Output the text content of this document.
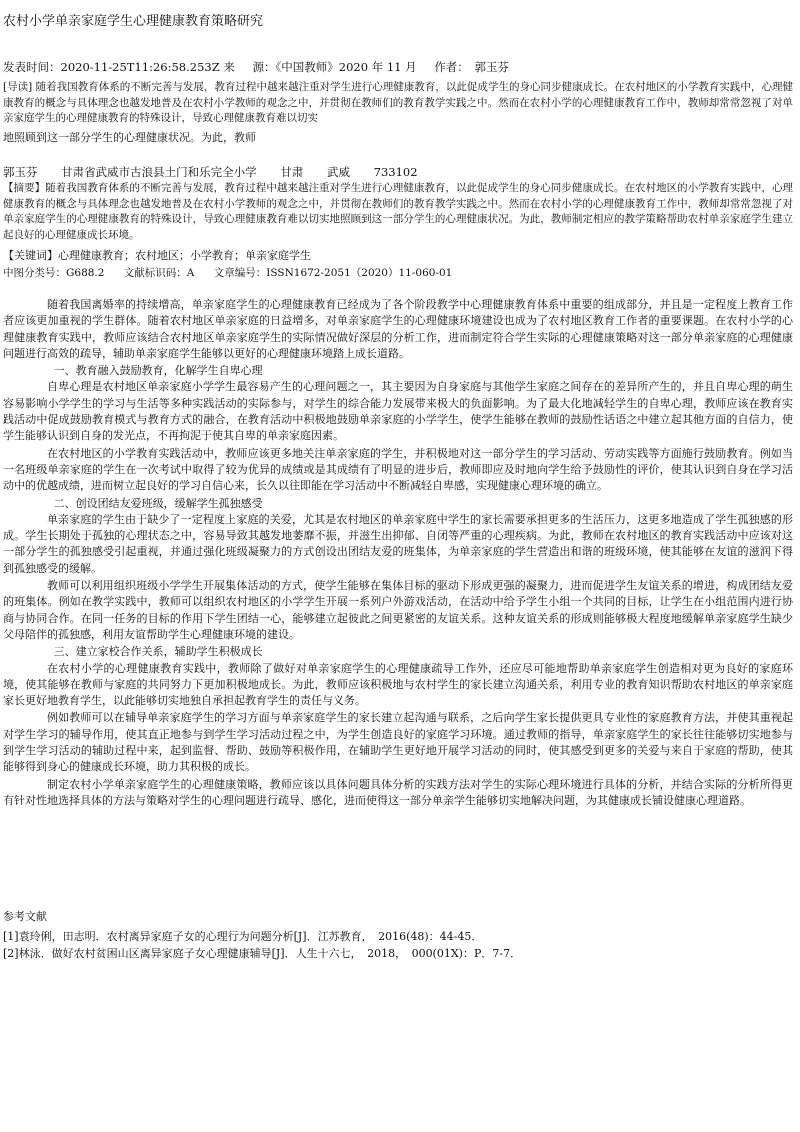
农村小学单亲家庭学生心理健康教育策略研究
发表时间：2020-11-25T11:26:58.253Z 来 源：《中国教师》2020 年 11 月 作者：　郭玉芬
[导读] 随着我国教育体系的不断完善与发展，教育过程中越来越注重对学生进行心理健康教育，以此促成学生的身心同步健康成长。在农村地区的小学教育实践中，心理健康教育的概念与具体理念也越发地普及在农村小学教师的观念之中，并贯彻在教师们的教育教学实践之中。然而在农村小学的心理健康教育工作中，教师却常常忽视了对单亲家庭学生的心理健康教育的特殊设计，导致心理健康教育难以切实
地照顾到这一部分学生的心理健康状况。为此，教师
郭玉芬 甘肃省武威市古浪县土门和乐完全小学 甘肃 武威 733102
【摘要】随着我国教育体系的不断完善与发展，教育过程中越来越注重对学生进行心理健康教育，以此促成学生的身心同步健康成长。在农村地区的小学教育实践中，心理健康教育的概念与具体理念也越发地普及在农村小学教师的观念之中，并贯彻在教师们的教育教学实践之中。然而在农村小学的心理健康教育工作中，教师却常常忽视了对单亲家庭学生的心理健康教育的特殊设计，导致心理健康教育难以切实地照顾到这一部分学生的心理健康状况。为此，教师制定相应的教学策略帮助农村单亲家庭学生建立起良好的心理健康成长环境。
【关键词】心理健康教育；农村地区；小学教育；单亲家庭学生
中图分类号：G688.2 文献标识码：A 文章编号：ISSN1672-2051（2020）11-060-01

随着我国离婚率的持续增高，单亲家庭学生的心理健康教育已经成为了各个阶段教学中心理健康教育体系中重要的组成部分，并且是一定程度上教育工作者应该更加重视的学生群体。随着农村地区单亲家庭的日益增多，对单亲家庭学生的心理健康环境建设也成为了农村地区教育工作者的重要课题。在农村小学的心理健康教育实践中，教师应该结合农村地区单亲家庭学生的实际情况做好深层的分析工作，进而制定符合学生实际的心理健康策略对这一部分单亲家庭的心理健康问题进行高效的疏导，辅助单亲家庭学生能够以更好的心理健康环境踏上成长道路。

一、教育融入鼓励教育，化解学生自卑心理

自卑心理是农村地区单亲家庭小学学生最容易产生的心理问题之一，其主要因为自身家庭与其他学生家庭之间存在的差异所产生的，并且自卑心理的萌生容易影响小学学生的学习与生活等多种实践活动的实际参与，对学生的综合能力发展带来极大的负面影响。为了最大化地减轻学生的自卑心理，教师应该在教育实践活动中促成鼓励教育模式与教育方式的融合，在教育活动中积极地鼓励单亲家庭的小学学生，使学生能够在教师的鼓励性话语之中建立起其他方面的自信力，使学生能够认识到自身的发光点，不再拘泥于使其自卑的单亲家庭因素。

在农村地区的小学教育实践活动中，教师应该更多地关注单亲家庭的学生，并积极地对这一部分学生的学习活动、劳动实践等方面施行鼓励教育。例如当一名班级单亲家庭的学生在一次考试中取得了较为优异的成绩或是其成绩有了明显的进步后，教师即应及时地向学生给予鼓励性的评价，使其认识到自身在学习活动中的优越成绩，进而树立起良好的学习自信心来，长久以往即能在学习活动中不断减轻自卑感，实现健康心理环境的确立。

二、创设团结友爱班级，缓解学生孤独感受

单亲家庭的学生由于缺少了一定程度上家庭的关爱，尤其是农村地区的单亲家庭中学生的家长需要承担更多的生活压力，这更多地造成了学生孤独感的形成。学生长期处于孤独的心理状态之中，容易导致其越发地萎靡不振，并滋生出抑郁、自闭等严重的心理疾病。为此，教师在农村地区的教育实践活动中应该对这一部分学生的孤独感受引起重视，并通过强化班级凝聚力的方式创设出团结友爱的班集体，为单亲家庭的学生营造出和谐的班级环境，使其能够在友谊的滋润下得到孤独感受的缓解。

教师可以利用组织班级小学学生开展集体活动的方式，使学生能够在集体目标的驱动下形成更强的凝聚力，进而促进学生友谊关系的增进，构成团结友爱的班集体。例如在教学实践中，教师可以组织农村地区的小学学生开展一系列户外游戏活动，在活动中给予学生小组一个共同的目标，让学生在小组范围内进行协商与协同合作。在同一任务的目标的作用下学生团结一心，能够建立起彼此之间更紧密的友谊关系。这种友谊关系的形成则能够极大程度地缓解单亲家庭学生缺少父母陪伴的孤独感，利用友谊帮助学生心理健康环境的建设。

三、建立家校合作关系，辅助学生积极成长

在农村小学的心理健康教育实践中，教师除了做好对单亲家庭学生的心理健康疏导工作外，还应尽可能地帮助单亲家庭学生创造相对更为良好的家庭环境，使其能够在教师与家庭的共同努力下更加积极地成长。为此，教师应该积极地与农村学生的家长建立沟通关系，利用专业的教育知识帮助农村地区的单亲家庭家长更好地教育学生，以此能够切实地独自承担起教育学生的责任与义务。

例如教师可以在辅导单亲家庭学生的学习方面与单亲家庭学生的家长建立起沟通与联系，之后向学生家长提供更具专业性的家庭教育方法，并使其重视起对学生学习的辅导作用，使其直正地参与到学生学习活动过程之中，为学生创造良好的家庭学习环境。通过教师的指导，单亲家庭学生的家长往往能够切实地参与到学生学习活动的辅助过程中来，起到监督、帮助、鼓励等积极作用，在辅助学生更好地开展学习活动的同时，使其感受到更多的关爱与来自于家庭的帮助，使其能够得到身心的健康成长环境，助力其积极的成长。

制定农村小学单亲家庭学生的心理健康策略，教师应该以具体问题具体分析的实践方法对学生的实际心理环境进行具体的分析，并结合实际的分析所得更有针对性地选择具体的方法与策略对学生的心理问题进行疏导、感化，进而使得这一部分单亲学生能够切实地解决问题，为其健康成长铺设健康心理道路。

参考文献

[1]袁玲俐，田志明．农村离异家庭子女的心理行为问题分析[J]．江苏教育，　2016(48)：44-45．

[2]林泳．做好农村贫困山区离异家庭子女心理健康辅导[J]．人生十六七，　2018，　000(01X)：P．7-7．
